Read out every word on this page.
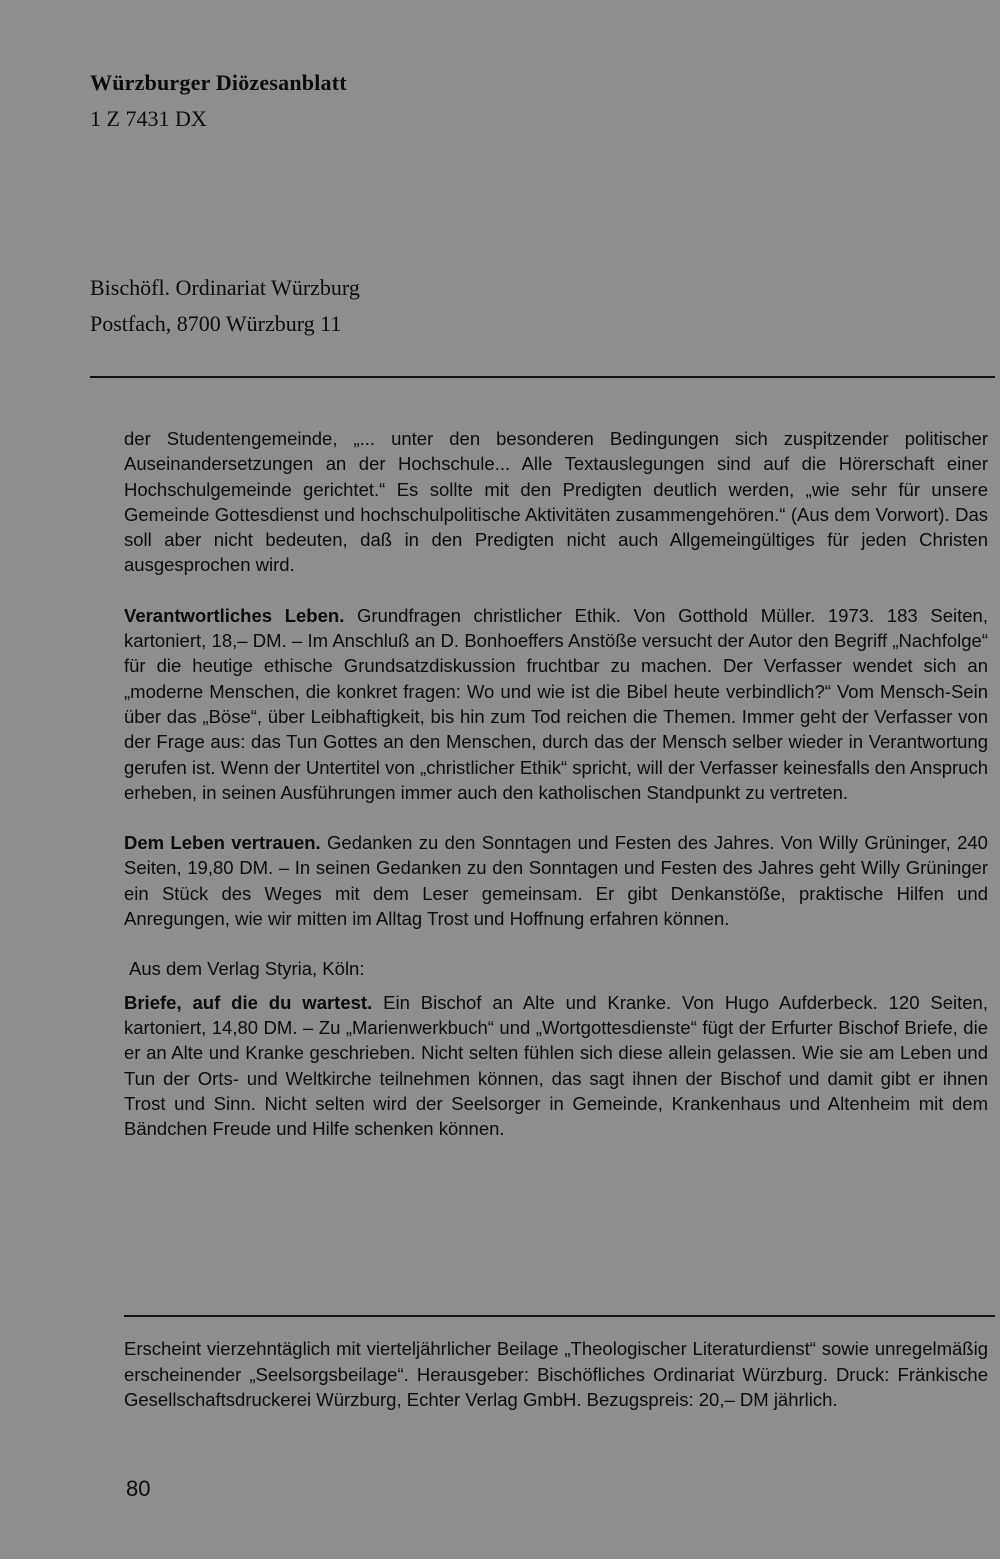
Würzburger Diözesanblatt
1 Z 7431 DX
Bischöfl. Ordinariat Würzburg
Postfach, 8700 Würzburg 11

der Studentengemeinde, „... unter den besonderen Bedingungen sich zuspitzender politischer Auseinandersetzungen an der Hochschule... Alle Textauslegungen sind auf die Hörerschaft einer Hochschulgemeinde gerichtet.“ Es sollte mit den Predigten deutlich werden, „wie sehr für unsere Gemeinde Gottesdienst und hochschulpolitische Aktivitäten zusammengehören.“ (Aus dem Vorwort). Das soll aber nicht bedeuten, daß in den Predigten nicht auch Allgemeingültiges für jeden Christen ausgesprochen wird.

Verantwortliches Leben. Grundfragen christlicher Ethik. Von Gotthold Müller. 1973. 183 Seiten, kartoniert, 18,– DM. – Im Anschluß an D. Bonhoeffers Anstöße versucht der Autor den Begriff „Nachfolge“ für die heutige ethische Grundsatzdiskussion fruchtbar zu machen. Der Verfasser wendet sich an „moderne Menschen, die konkret fragen: Wo und wie ist die Bibel heute verbindlich?“ Vom Mensch-Sein über das „Böse“, über Leibhaftigkeit, bis hin zum Tod reichen die Themen. Immer geht der Verfasser von der Frage aus: das Tun Gottes an den Menschen, durch das der Mensch selber wieder in Verantwortung gerufen ist. Wenn der Untertitel von „christlicher Ethik“ spricht, will der Verfasser keinesfalls den Anspruch erheben, in seinen Ausführungen immer auch den katholischen Standpunkt zu vertreten.

Dem Leben vertrauen. Gedanken zu den Sonntagen und Festen des Jahres. Von Willy Grüninger, 240 Seiten, 19,80 DM. – In seinen Gedanken zu den Sonntagen und Festen des Jahres geht Willy Grüninger ein Stück des Weges mit dem Leser gemeinsam. Er gibt Denkanstöße, praktische Hilfen und Anregungen, wie wir mitten im Alltag Trost und Hoffnung erfahren können.

Aus dem Verlag Styria, Köln:

Briefe, auf die du wartest. Ein Bischof an Alte und Kranke. Von Hugo Aufderbeck. 120 Seiten, kartoniert, 14,80 DM. – Zu „Marienwerkbuch“ und „Wortgottesdienste“ fügt der Erfurter Bischof Briefe, die er an Alte und Kranke geschrieben. Nicht selten fühlen sich diese allein gelassen. Wie sie am Leben und Tun der Orts- und Weltkirche teilnehmen können, das sagt ihnen der Bischof und damit gibt er ihnen Trost und Sinn. Nicht selten wird der Seelsorger in Gemeinde, Krankenhaus und Altenheim mit dem Bändchen Freude und Hilfe schenken können.

Erscheint vierzehntäglich mit vierteljährlicher Beilage „Theologischer Literaturdienst“ sowie unregelmäßig erscheinender „Seelsorgsbeilage“. Herausgeber: Bischöfliches Ordinariat Würzburg. Druck: Fränkische Gesellschaftsdruckerei Würzburg, Echter Verlag GmbH. Bezugspreis: 20,– DM jährlich.
80
